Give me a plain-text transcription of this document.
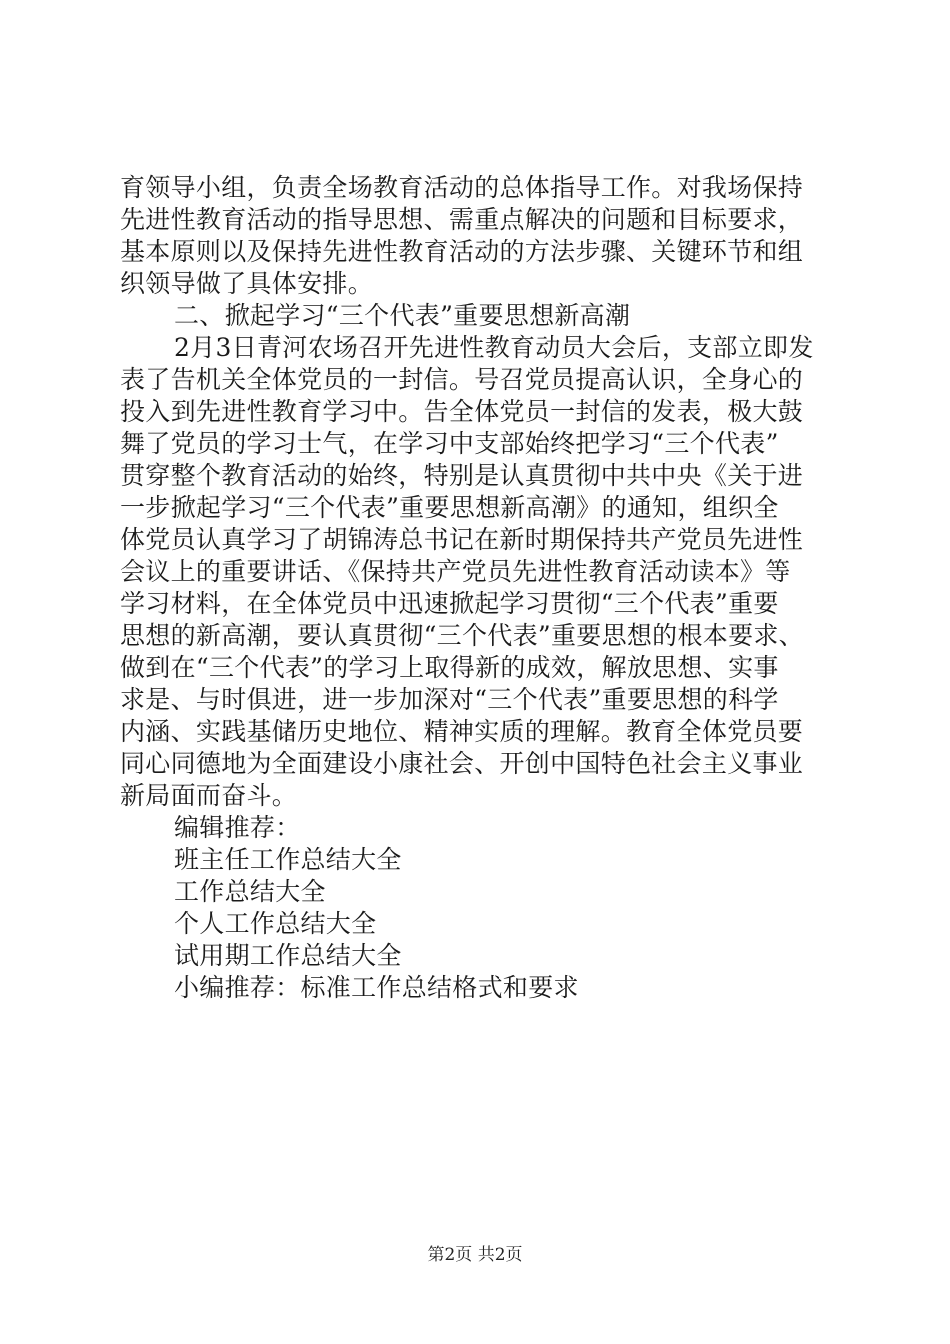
育领导小组，负责全场教育活动的总体指导工作。对我场保持
先进性教育活动的指导思想、需重点解决的问题和目标要求，
基本原则以及保持先进性教育活动的方法步骤、关键环节和组
织领导做了具体安排。
二、掀起学习“三个代表”重要思想新高潮
2月3日青河农场召开先进性教育动员大会后，支部立即发
表了告机关全体党员的一封信。号召党员提高认识，全身心的
投入到先进性教育学习中。告全体党员一封信的发表，极大鼓
舞了党员的学习士气，在学习中支部始终把学习“三个代表”
贯穿整个教育活动的始终，特别是认真贯彻中共中央《关于进
一步掀起学习“三个代表”重要思想新高潮》的通知，组织全
体党员认真学习了胡锦涛总书记在新时期保持共产党员先进性
会议上的重要讲话、《保持共产党员先进性教育活动读本》等
学习材料，在全体党员中迅速掀起学习贯彻“三个代表”重要
思想的新高潮，要认真贯彻“三个代表”重要思想的根本要求、
做到在“三个代表”的学习上取得新的成效，解放思想、实事
求是、与时俱进，进一步加深对“三个代表”重要思想的科学
内涵、实践基储历史地位、精神实质的理解。教育全体党员要
同心同德地为全面建设小康社会、开创中国特色社会主义事业
新局面而奋斗。
编辑推荐：
班主任工作总结大全
工作总结大全
个人工作总结大全
试用期工作总结大全
小编推荐：标准工作总结格式和要求
第2页 共2页
